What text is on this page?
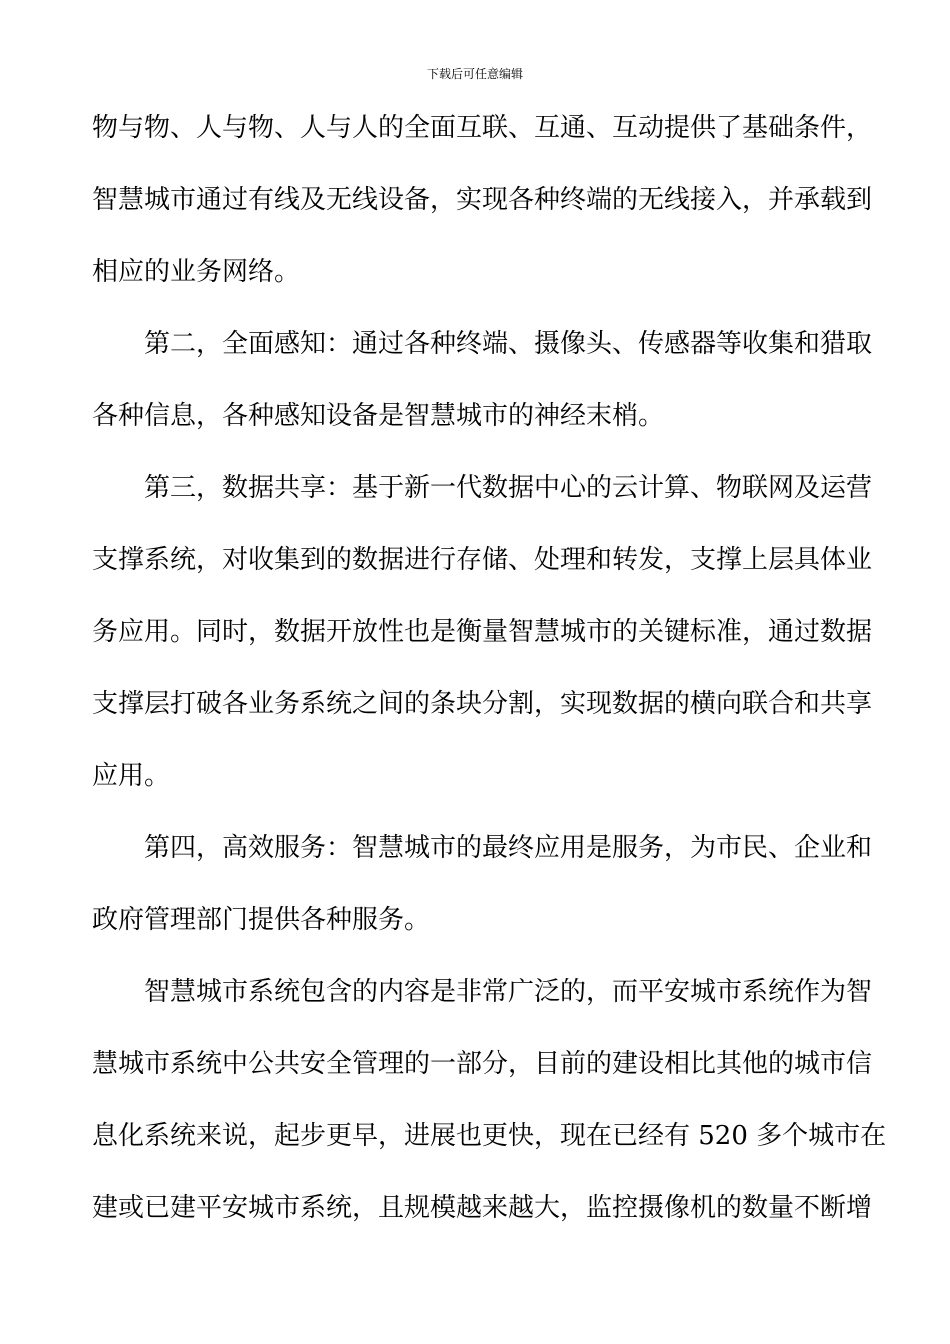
下载后可任意编辑
物与物、人与物、人与人的全面互联、互通、互动提供了基础条件，
智慧城市通过有线及无线设备，实现各种终端的无线接入，并承载到
相应的业务网络。
第二，全面感知：通过各种终端、摄像头、传感器等收集和猎取
各种信息，各种感知设备是智慧城市的神经末梢。
第三，数据共享：基于新一代数据中心的云计算、物联网及运营
支撑系统，对收集到的数据进行存储、处理和转发，支撑上层具体业
务应用。同时，数据开放性也是衡量智慧城市的关键标准，通过数据
支撑层打破各业务系统之间的条块分割，实现数据的横向联合和共享
应用。
第四，高效服务：智慧城市的最终应用是服务，为市民、企业和
政府管理部门提供各种服务。
智慧城市系统包含的内容是非常广泛的，而平安城市系统作为智
慧城市系统中公共安全管理的一部分，目前的建设相比其他的城市信
息化系统来说，起步更早，进展也更快，现在已经有 520 多个城市在
建或已建平安城市系统，且规模越来越大，监控摄像机的数量不断增
